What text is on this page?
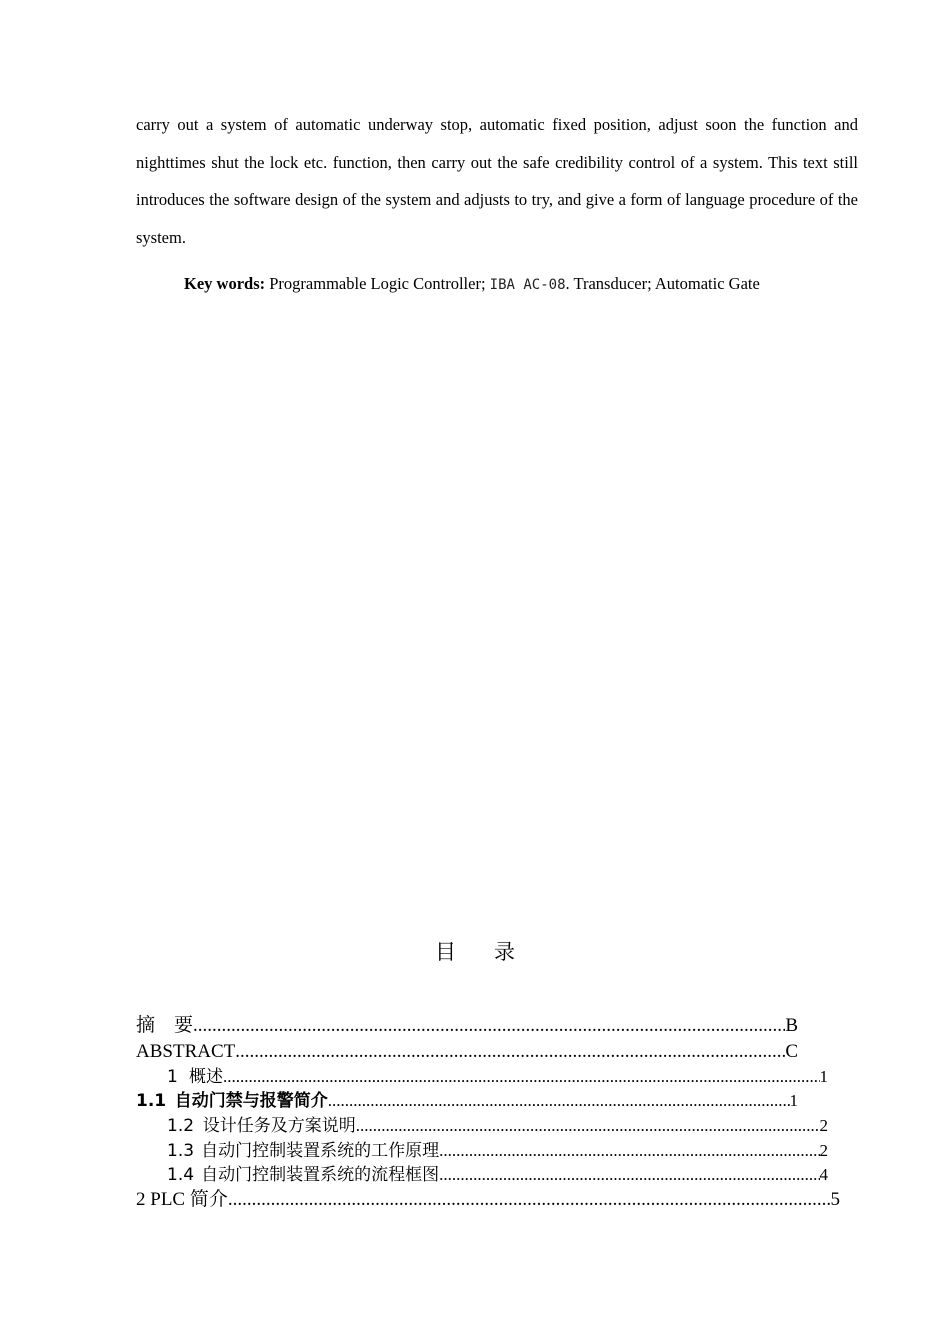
carry out a system of automatic underway stop, automatic fixed position, adjust soon the function and nighttimes shut the lock etc. function, then carry out the safe credibility control of a system. This text still introduces the software design of the system and adjusts to try, and give a form of language procedure of the system.

Key words: Programmable Logic Controller; IBA AC-08. Transducer; Automatic Gate
目录
摘　要 .....	B
ABSTRACT .....	C
1 概述 .....	1
1.1 自动门禁与报警简介 .....	1
1.2 设计任务及方案说明 .....	2
1.3 自动门控制装置系统的工作原理 .....	2
1.4 自动门控制装置系统的流程框图 .....	4
2 PLC 简介 .....	5
